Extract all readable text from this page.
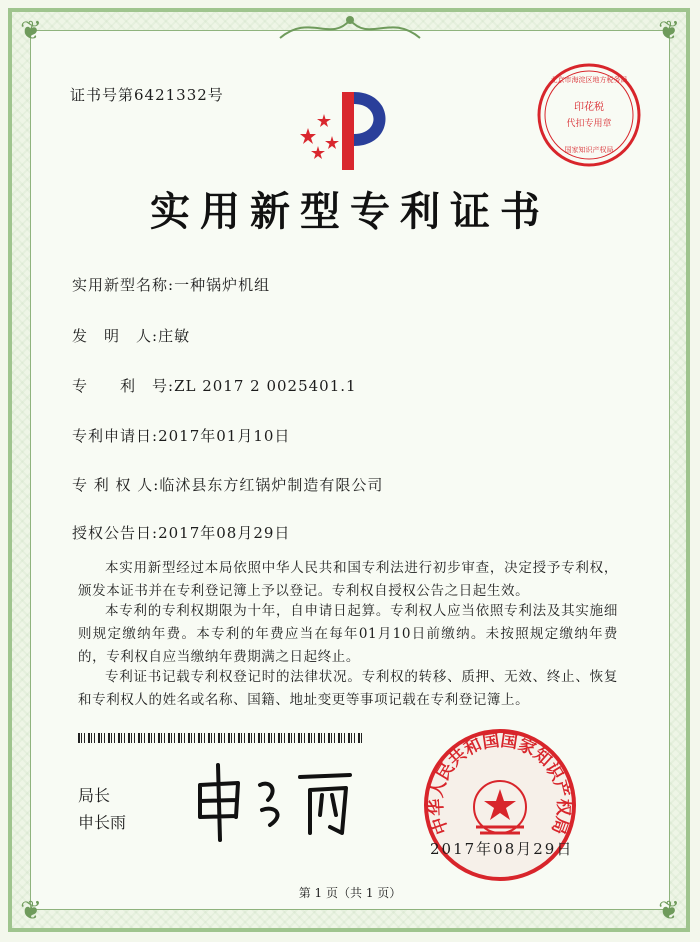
❦	❦
❦	❦
证书号第6421332号
印花税
代扣专用章
北京市海淀区地方税务局
国家知识产权局
实用新型专利证书
实用新型名称:一种锅炉机组
发　明　人:庄敏
专　　利　号:ZL 2017 2 0025401.1
专利申请日:2017年01月10日
专 利 权 人:临沭县东方红锅炉制造有限公司
授权公告日:2017年08月29日
本实用新型经过本局依照中华人民共和国专利法进行初步审查，决定授予专利权，颁发本证书并在专利登记簿上予以登记。专利权自授权公告之日起生效。
本专利的专利权期限为十年，自申请日起算。专利权人应当依照专利法及其实施细则规定缴纳年费。本专利的年费应当在每年01月10日前缴纳。未按照规定缴纳年费的，专利权自应当缴纳年费期满之日起终止。
专利证书记载专利权登记时的法律状况。专利权的转移、质押、无效、终止、恢复和专利权人的姓名或名称、国籍、地址变更等事项记载在专利登记簿上。
局长
申长雨	中华人民共和国国家知识产权局
2017年08月29日
第 1 页（共 1 页）
